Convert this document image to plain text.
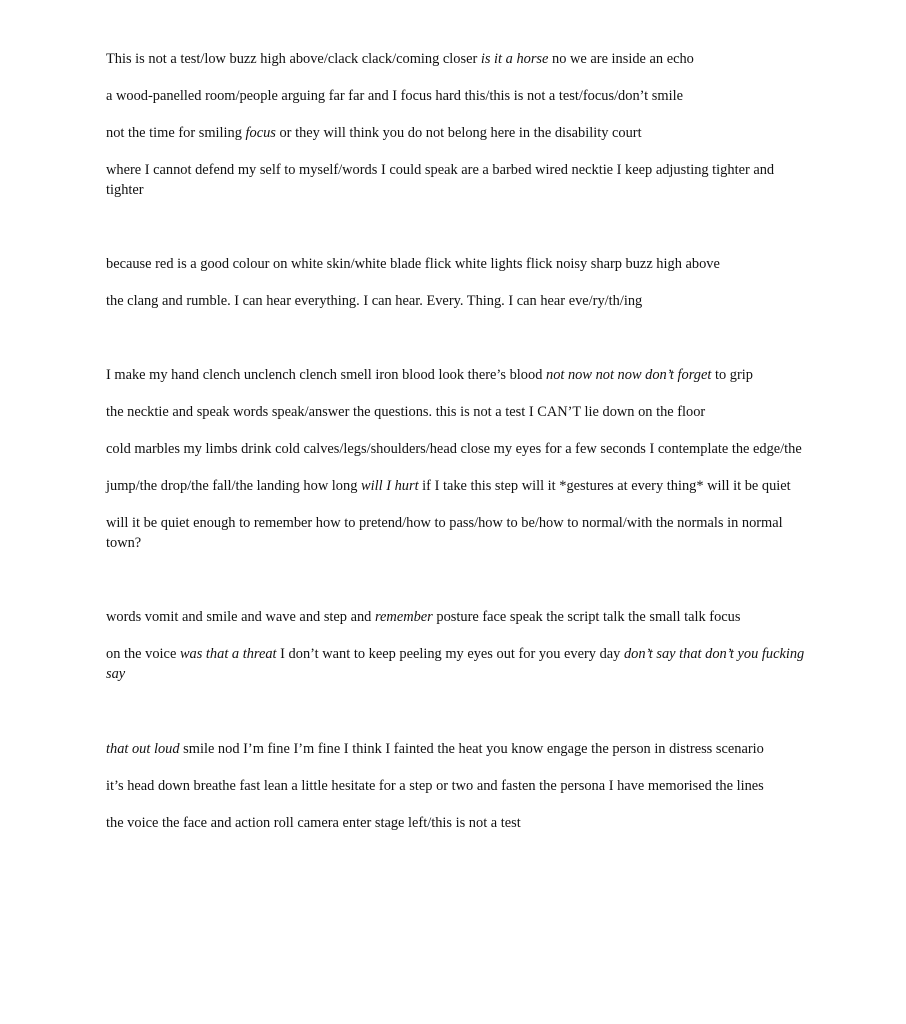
This is not a test/low buzz high above/clack clack/coming closer is it a horse no we are inside an echo

a wood-panelled room/people arguing far far and I focus hard this/this is not a test/focus/don’t smile

not the time for smiling focus or they will think you do not belong here in the disability court

where I cannot defend my self to myself/words I could speak are a barbed wired necktie I keep adjusting tighter and tighter

because red is a good colour on white skin/white blade flick white lights flick noisy sharp buzz high above

the clang and rumble. I can hear everything. I can hear. Every. Thing. I can hear eve/ry/th/ing

I make my hand clench unclench clench smell iron blood look there’s blood not now not now don’t forget to grip

the necktie and speak words speak/answer the questions. this is not a test I CAN’T lie down on the floor

cold marbles my limbs drink cold calves/legs/shoulders/head close my eyes for a few seconds I contemplate the edge/the

jump/the drop/the fall/the landing how long will I hurt if I take this step will it *gestures at every thing* will it be quiet

will it be quiet enough to remember how to pretend/how to pass/how to be/how to normal/with the normals in normal town?

words vomit and smile and wave and step and remember posture face speak the script talk the small talk focus

on the voice was that a threat I don’t want to keep peeling my eyes out for you every day don’t say that don’t you fucking say

that out loud smile nod I’m fine I’m fine I think I fainted the heat you know engage the person in distress scenario

it’s head down breathe fast lean a little hesitate for a step or two and fasten the persona I have memorised the lines

the voice the face and action roll camera enter stage left/this is not a test
